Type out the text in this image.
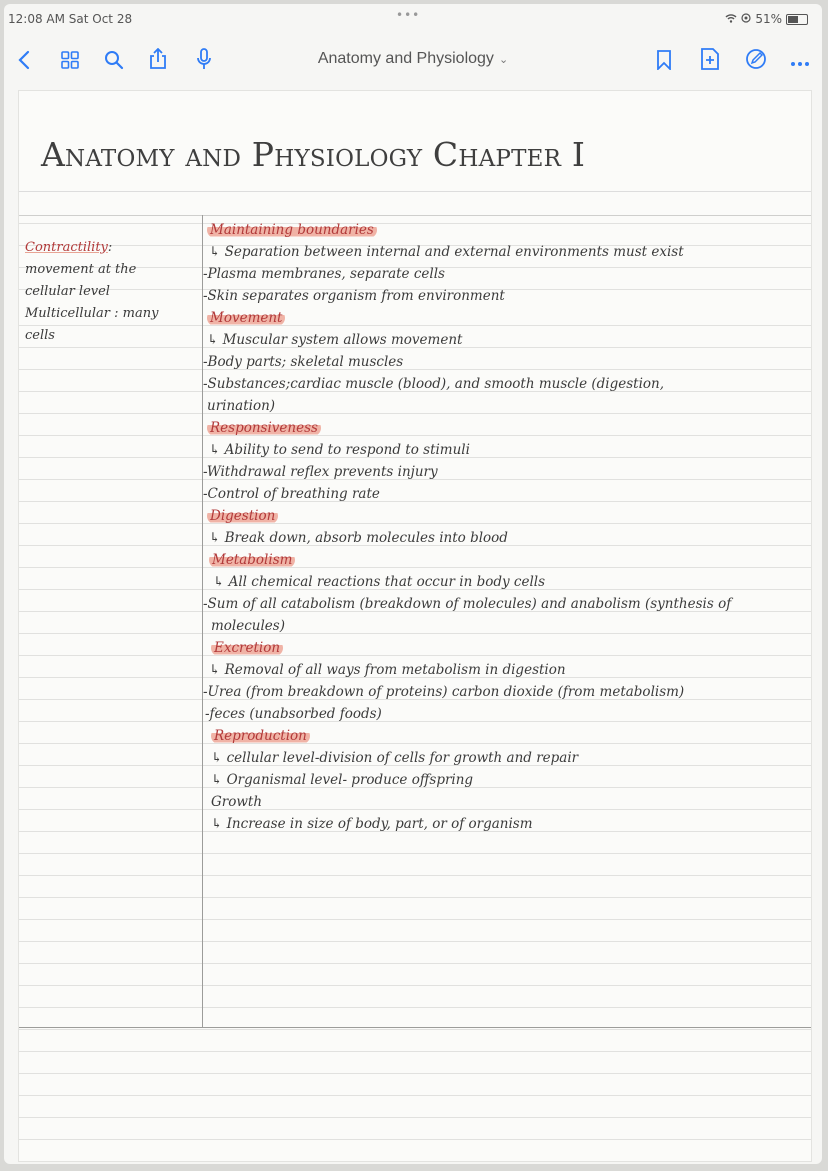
12:08 AM Sat Oct 28	•••	51%
Anatomy and Physiology ⌄
Anatomy and Physiology Chapter I
Contractility:
movement at the
cellular level
Multicellular : many
cells
Maintaining boundaries
↳ Separation between internal and external environments must exist
-Plasma membranes, separate cells
-Skin separates organism from environment
Movement
↳ Muscular system allows movement
-Body parts; skeletal muscles
-Substances;cardiac muscle (blood), and smooth muscle (digestion,
urination)
Responsiveness
↳ Ability to send to respond to stimuli
-Withdrawal reflex prevents injury
-Control of breathing rate
Digestion
↳ Break down, absorb molecules into blood
Metabolism
↳ All chemical reactions that occur in body cells
-Sum of all catabolism (breakdown of molecules) and anabolism (synthesis of
molecules)
Excretion
↳ Removal of all ways from metabolism in digestion
-Urea (from breakdown of proteins) carbon dioxide (from metabolism)
-feces (unabsorbed foods)
Reproduction
↳ cellular level-division of cells for growth and repair
↳ Organismal level- produce offspring
Growth
↳ Increase in size of body, part, or of organism
